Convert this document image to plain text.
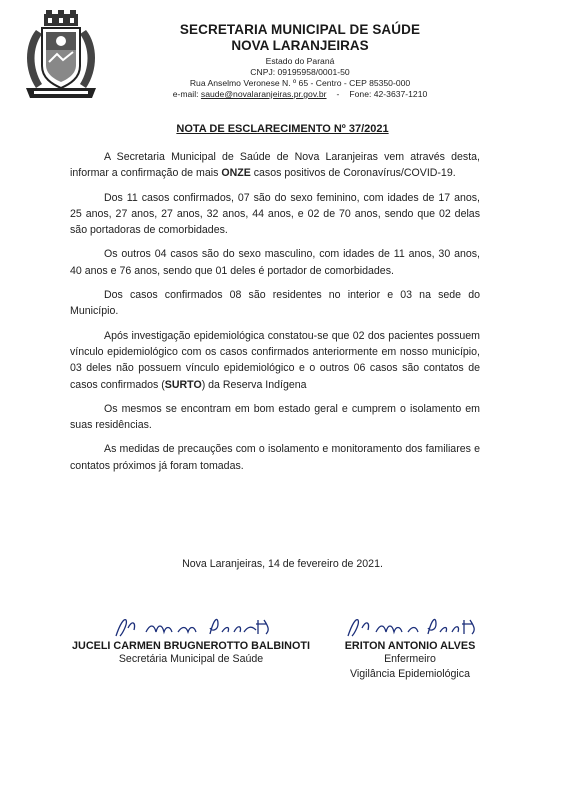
SECRETARIA MUNICIPAL DE SAÚDE
NOVA LARANJEIRAS
Estado do Paraná
CNPJ: 09195958/0001-50
Rua Anselmo Veronese N. º 65 - Centro - CEP 85350-000
e-mail: saude@novalaranjeiras.pr.gov.br - Fone: 42-3637-1210
NOTA DE ESCLARECIMENTO Nº 37/2021

A Secretaria Municipal de Saúde de Nova Laranjeiras vem através desta, informar a confirmação de mais ONZE casos positivos de Coronavírus/COVID-19.

Dos 11 casos confirmados, 07 são do sexo feminino, com idades de 17 anos, 25 anos, 27 anos, 27 anos, 32 anos, 44 anos, e 02 de 70 anos, sendo que 02 delas são portadoras de comorbidades.

Os outros 04 casos são do sexo masculino, com idades de 11 anos, 30 anos, 40 anos e 76 anos, sendo que 01 deles é portador de comorbidades.

Dos casos confirmados 08 são residentes no interior e 03 na sede do Município.

Após investigação epidemiológica constatou-se que 02 dos pacientes possuem vínculo epidemiológico com os casos confirmados anteriormente em nosso município, 03 deles não possuem vínculo epidemiológico e o outros 06 casos são contatos de casos confirmados (SURTO) da Reserva Indígena

Os mesmos se encontram em bom estado geral e cumprem o isolamento em suas residências.

As medidas de precauções com o isolamento e monitoramento dos familiares e contatos próximos já foram tomadas.

Nova Laranjeiras, 14 de fevereiro de 2021.
JUCELI CARMEN BRUGNEROTTO BALBINOTI
Secretária Municipal de Saúde
ERITON ANTONIO ALVES
Enfermeiro
Vigilância Epidemiológica
